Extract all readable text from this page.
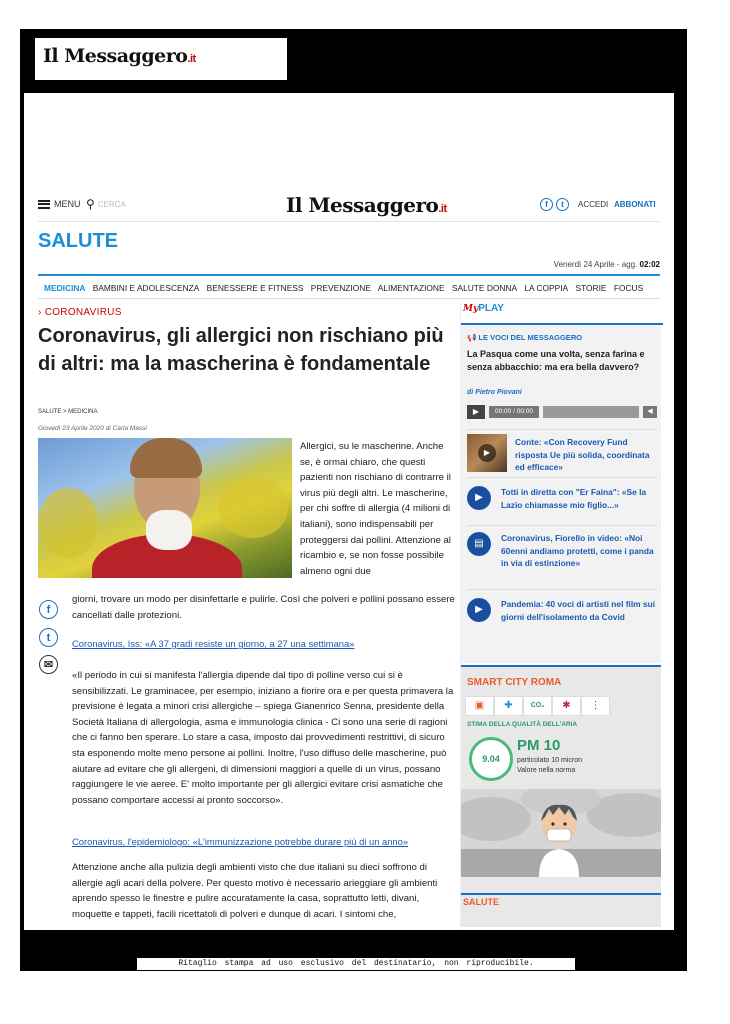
Il Messaggero.it
MENU ⚲ CERCA	Il Messaggero.it	f	t	ACCEDI ABBONATI
SALUTE
Venerdì 24 Aprile - agg. 02:02
MEDICINA BAMBINI E ADOLESCENZA BENESSERE E FITNESS PREVENZIONE ALIMENTAZIONE SALUTE DONNA LA COPPIA STORIE FOCUS
› CORONAVIRUS
Coronavirus, gli allergici non rischiano più di altri: ma la mascherina è fondamentale
SALUTE > MEDICINA
Giovedì 23 Aprile 2020 di Carla Massi
Allergici, su le mascherine. Anche se, è ormai chiaro, che questi pazienti non rischiano di contrarre il virus più degli altri. Le mascherine, per chi soffre di allergia (4 milioni di italiani), sono indispensabili per proteggersi dai pollini. Attenzione al ricambio e, se non fosse possibile almeno ogni due
f
t
✉
giorni, trovare un modo per disinfettarle e pulirle. Così che polveri e pollini possano essere cancellati dalle protezioni.
Coronavirus, Iss: «A 37 gradi resiste un giorno, a 27 una settimana»
«Il periodo in cui si manifesta l'allergia dipende dal tipo di polline verso cui si è sensibilizzati. Le graminacee, per esempio, iniziano a fiorire ora e per questa primavera la previsione è legata a minori crisi allergiche – spiega Gianenrico Senna, presidente della Società Italiana di allergologia, asma e immunologia clinica - Ci sono una serie di ragioni che ci fanno ben sperare. Lo stare a casa, imposto dai provvedimenti restrittivi, di sicuro sta esponendo molte meno persone ai pollini. Inoltre, l'uso diffuso delle mascherine, può aiutare ad evitare che gli allergeni, di dimensioni maggiori a quelle di un virus, possano raggiungere le vie aeree. E' molto importante per gli allergici evitare crisi asmatiche che possano comportare accessi ai pronto soccorso».
Coronavirus, l'epidemiologo: «L'immunizzazione potrebbe durare più di un anno»
Attenzione anche alla pulizia degli ambienti visto che due italiani su dieci soffrono di allergie agli acari della polvere. Per questo motivo è necessario arieggiare gli ambienti aprendo spesso le finestre e pulire accuratamente la casa, soprattutto letti, divani, moquette e tappeti, facili ricettatoli di polveri e dunque di acari. I sintomi che,
MyPLAY
📢 LE VOCI DEL MESSAGGERO
La Pasqua come una volta, senza farina e senza abbacchio: ma era bella davvero?
di Pietro Piovani
▶	00:00 / 00:00	◀
▶
Conte: «Con Recovery Fund risposta Ue più solida, coordinata ed efficace»
▶	Totti in diretta con "Er Faina": «Se la Lazio chiamasse mio figlio...»
▤	Coronavirus, Fiorello in video: «Noi 60enni andiamo protetti, come i panda in via di estinzione»
▶	Pandemia: 40 voci di artisti nel film sui giorni dell'isolamento da Covid
SMART CITY ROMA
▣	✚	CO₂	✱	⋮
STIMA DELLA QUALITÀ DELL'ARIA
9.04
PM 10
particolato 10 micron
Valore nella norma
SALUTE
Ritaglio stampa ad uso esclusivo del destinatario, non riproducibile.
